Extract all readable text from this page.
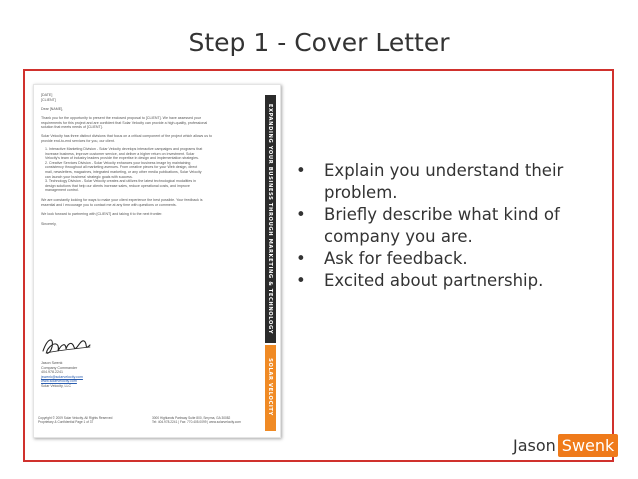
Step 1 - Cover Letter
[DATE]
[CLIENT]
Dear [NAME],
Thank you for the opportunity to present the enclosed proposal to [CLIENT]. We have assessed your
requirements for this project and are confident that Solar Velocity can provide a high-quality, professional
solution that meets needs of [CLIENT].
Solar Velocity has three distinct divisions that focus on a critical component of the project which allows us to
provide end-to-end services for you, our client.
1. Interactive Marketing Division - Solar Velocity develops interactive campaigns and programs that
increase business, improve customer service, and deliver a higher return on investment. Solar
Velocity's team of industry leaders provide the expertise in design and implementation strategies.
2. Creative Services Division - Solar Velocity enhances your business image by maintaining
consistency throughout all marketing avenues. From creative pieces for your Web design, direct
mail, newsletters, magazines, integrated marketing, or any other media publications, Solar Velocity
can launch your business' strategic goals with success.
3. Technology Division - Solar Velocity creates and utilizes the latest technological modalities in
design solutions that help our clients increase sales, reduce operational costs, and improve
management control.
We are constantly looking for ways to make your client experience the best possible. Your feedback is
essential and I encourage you to contact me at any time with questions or comments.
We look forward to partnering with [CLIENT] and taking it to the next frontier.
Sincerely,
Jason Swenk
Company Commander
404.978.2241
jswenk@solarvelocity.com
www.solarvelocity.com
Solar Velocity, LLC
Copyright © 2009 Solar Velocity. All Rights Reserved
Proprietary & Confidential Page 1 of 37
3000 Highlands Parkway Suite 800, Smyrna, GA 30082
Tel: 404.978.2241 | Fax: 770.405.0099 | www.solarvelocity.com
EXPANDING YOUR BUSINESS THROUGH MARKETING & TECHNOLOGY
SOLAR VELOCITY
• Explain you understand their problem.
• Briefly describe what kind of company you are.
• Ask for feedback.
• Excited about partnership.
Jason Swenk
